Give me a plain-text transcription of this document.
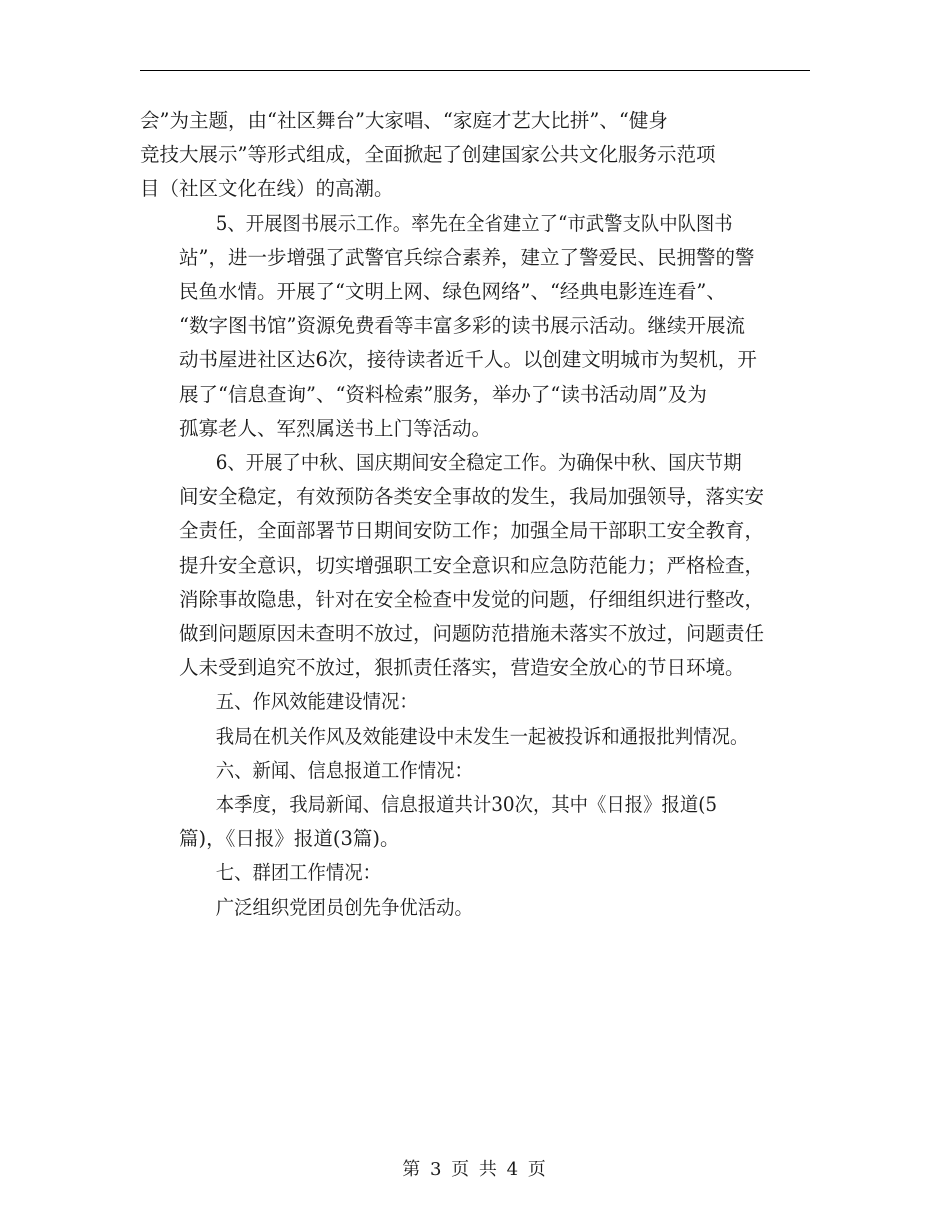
会”为主题，由“社区舞台”大家唱、“家庭才艺大比拼”、“健身
竞技大展示”等形式组成，全面掀起了创建国家公共文化服务示范项
目（社区文化在线）的高潮。

5、开展图书展示工作。率先在全省建立了“市武警支队中队图书
站”，进一步增强了武警官兵综合素养，建立了警爱民、民拥警的警
民鱼水情。开展了“文明上网、绿色网络”、“经典电影连连看”、
“数字图书馆”资源免费看等丰富多彩的读书展示活动。继续开展流
动书屋进社区达6次，接待读者近千人。以创建文明城市为契机，开
展了“信息查询”、“资料检索”服务，举办了“读书活动周”及为
孤寡老人、军烈属送书上门等活动。

6、开展了中秋、国庆期间安全稳定工作。为确保中秋、国庆节期
间安全稳定，有效预防各类安全事故的发生，我局加强领导，落实安
全责任，全面部署节日期间安防工作；加强全局干部职工安全教育，
提升安全意识，切实增强职工安全意识和应急防范能力；严格检查，
消除事故隐患，针对在安全检查中发觉的问题，仔细组织进行整改，
做到问题原因未查明不放过，问题防范措施未落实不放过，问题责任
人未受到追究不放过，狠抓责任落实，营造安全放心的节日环境。

五、作风效能建设情况：

我局在机关作风及效能建设中未发生一起被投诉和通报批判情况。

六、新闻、信息报道工作情况：

本季度，我局新闻、信息报道共计30次，其中《日报》报道(5
篇)，《日报》报道(3篇)。

七、群团工作情况：

广泛组织党团员创先争优活动。

第 3 页 共 4 页
